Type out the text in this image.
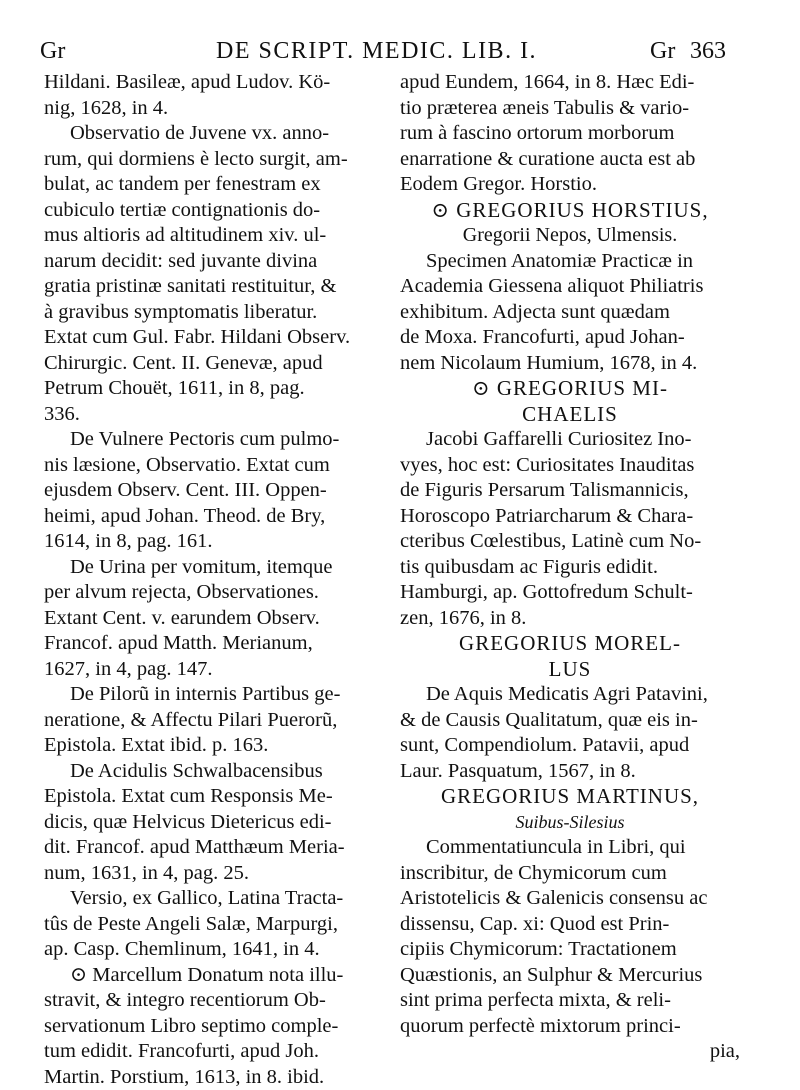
Gr	DE SCRIPT. MEDIC. LIB. I.	Gr 363
Hildani. Basileæ, apud Ludov. Kö-
nig, 1628, in 4.
Observatio de Juvene vx. anno-
rum, qui dormiens è lecto surgit, am-
bulat, ac tandem per fenestram ex
cubiculo tertiæ contignationis do-
mus altioris ad altitudinem xiv. ul-
narum decidit: sed juvante divina
gratia pristinæ sanitati restituitur, &
à gravibus symptomatis liberatur.
Extat cum Gul. Fabr. Hildani Observ.
Chirurgic. Cent. II. Genevæ, apud
Petrum Chouët, 1611, in 8, pag.
336.
De Vulnere Pectoris cum pulmo-
nis læsione, Observatio. Extat cum
ejusdem Observ. Cent. III. Oppen-
heimi, apud Johan. Theod. de Bry,
1614, in 8, pag. 161.
De Urina per vomitum, itemque
per alvum rejecta, Observationes.
Extant Cent. v. earundem Observ.
Francof. apud Matth. Merianum,
1627, in 4, pag. 147.
De Pilorũ in internis Partibus ge-
neratione, & Affectu Pilari Puerorũ,
Epistola. Extat ibid. p. 163.
De Acidulis Schwalbacensibus
Epistola. Extat cum Responsis Me-
dicis, quæ Helvicus Dietericus edi-
dit. Francof. apud Matthæum Meria-
num, 1631, in 4, pag. 25.
Versio, ex Gallico, Latina Tracta-
tûs de Peste Angeli Salæ, Marpurgi,
ap. Casp. Chemlinum, 1641, in 4.
⊙ Marcellum Donatum nota illu-
stravit, & integro recentiorum Ob-
servationum Libro septimo comple-
tum edidit. Francofurti, apud Joh.
Martin. Porstium, 1613, in 8. ibid.
apud Eundem, 1664, in 8. Hæc Edi-
tio præterea æneis Tabulis & vario-
rum à fascino ortorum morborum
enarratione & curatione aucta est ab
Eodem Gregor. Horstio.
⊙ GREGORIUS HORSTIUS,
Gregorii Nepos, Ulmensis.
Specimen Anatomiæ Practicæ in
Academia Giessena aliquot Philiatris
exhibitum. Adjecta sunt quædam
de Moxa. Francofurti, apud Johan-
nem Nicolaum Humium, 1678, in 4.
⊙ GREGORIUS MI-
CHAELIS
Jacobi Gaffarelli Curiositez Ino-
vyes, hoc est: Curiositates Inauditas
de Figuris Persarum Talismannicis,
Horoscopo Patriarcharum & Chara-
cteribus Cœlestibus, Latinè cum No-
tis quibusdam ac Figuris edidit.
Hamburgi, ap. Gottofredum Schult-
zen, 1676, in 8.
GREGORIUS MOREL-
LUS
De Aquis Medicatis Agri Patavini,
& de Causis Qualitatum, quæ eis in-
sunt, Compendiolum. Patavii, apud
Laur. Pasquatum, 1567, in 8.
GREGORIUS MARTINUS,
Suibus-Silesius
Commentatiuncula in Libri, qui
inscribitur, de Chymicorum cum
Aristotelicis & Galenicis consensu ac
dissensu, Cap. xi: Quod est Prin-
cipiis Chymicorum: Tractationem
Quæstionis, an Sulphur & Mercurius
sint prima perfecta mixta, & reli-
quorum perfectè mixtorum princi-
pia,
